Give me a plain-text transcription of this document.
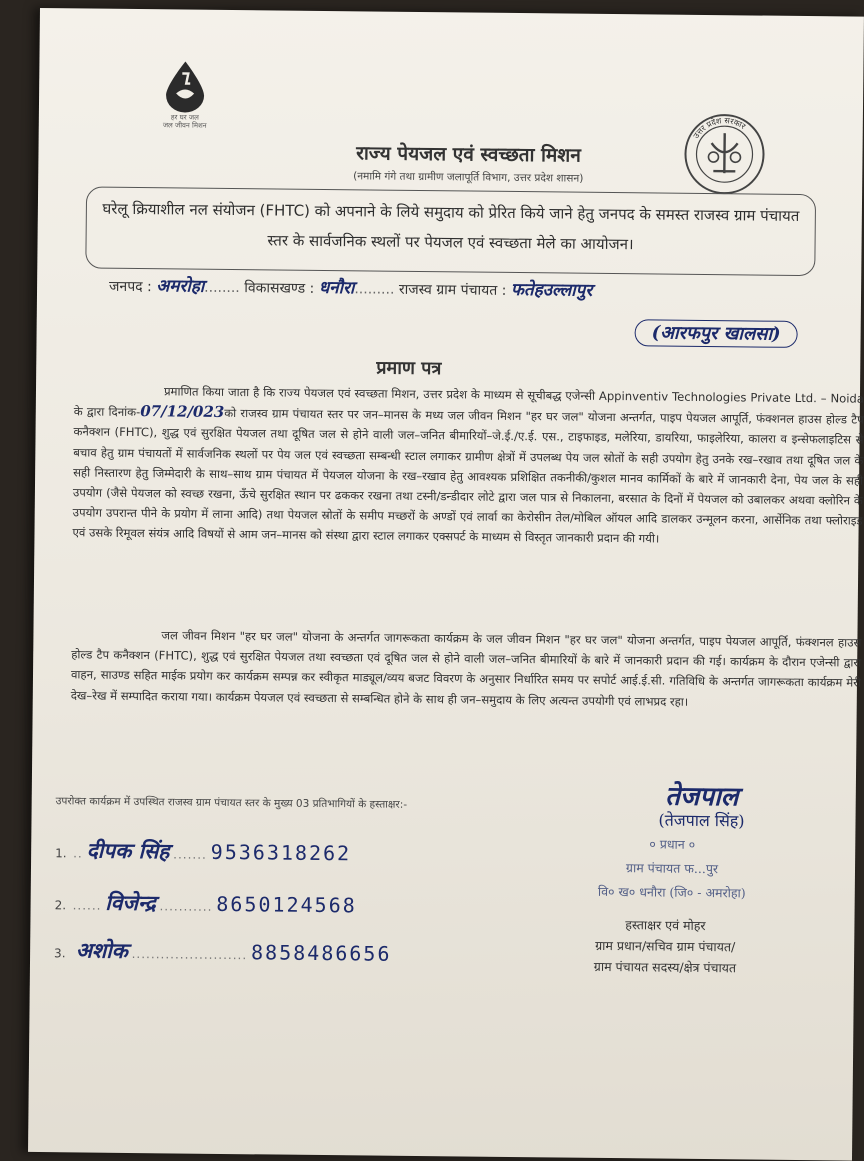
हर घर जल
जल जीवन मिशन
उत्तर प्रदेश सरकार
राज्य पेयजल एवं स्वच्छता मिशन
(नमामि गंगे तथा ग्रामीण जलापूर्ति विभाग, उत्तर प्रदेश शासन)
घरेलू क्रियाशील नल संयोजन (FHTC) को अपनाने के लिये समुदाय को प्रेरित किये जाने हेतु जनपद के समस्त राजस्व ग्राम पंचायत स्तर के सार्वजनिक स्थलों पर पेयजल एवं स्वच्छता मेले का आयोजन।
जनपद : अमरोहा........ विकासखण्ड : धनौरा......... राजस्व ग्राम पंचायत : फतेहउल्लापुर
(आरफपुर खालसा)
प्रमाण पत्र
प्रमाणित किया जाता है कि राज्य पेयजल एवं स्वच्छता मिशन, उत्तर प्रदेश के माध्यम से सूचीबद्ध एजेन्सी Appinventiv Technologies Private Ltd. – Noida के द्वारा दिनांक-07/12/023को राजस्व ग्राम पंचायत स्तर पर जन–मानस के मध्य जल जीवन मिशन "हर घर जल" योजना अन्तर्गत, पाइप पेयजल आपूर्ति, फंक्शनल हाउस होल्ड टैप कनैक्शन (FHTC), शुद्ध एवं सुरक्षित पेयजल तथा दूषित जल से होने वाली जल–जनित बीमारियों–जे.ई./ए.ई. एस., टाइफाइड, मलेरिया, डायरिया, फाइलेरिया, कालरा व इन्सेफलाइटिस से बचाव हेतु ग्राम पंचायतों में सार्वजनिक स्थलों पर पेय जल एवं स्वच्छता सम्बन्धी स्टाल लगाकर ग्रामीण क्षेत्रों में उपलब्ध पेय जल स्रोतों के सही उपयोग हेतु उनके रख–रखाव तथा दूषित जल के सही निस्तारण हेतु जिम्मेदारी के साथ–साथ ग्राम पंचायत में पेयजल योजना के रख–रखाव हेतु आवश्यक प्रशिक्षित तकनीकी/कुशल मानव कार्मिकों के बारे में जानकारी देना, पेय जल के सही उपयोग (जैसे पेयजल को स्वच्छ रखना, ऊँचे सुरक्षित स्थान पर ढककर रखना तथा टस्नी/डन्डीदार लोटे द्वारा जल पात्र से निकालना, बरसात के दिनों में पेयजल को उबालकर अथवा क्लोरिन के उपयोग उपरान्त पीने के प्रयोग में लाना आदि) तथा पेयजल स्रोतों के समीप मच्छरों के अण्डों एवं लार्वा का केरोसीन तेल/मोबिल ऑयल आदि डालकर उन्मूलन करना, आर्सेनिक तथा फ्लोराइड एवं उसके रिमूवल संयंत्र आदि विषयों से आम जन–मानस को संस्था द्वारा स्टाल लगाकर एक्सपर्ट के माध्यम से विस्तृत जानकारी प्रदान की गयी।
जल जीवन मिशन "हर घर जल" योजना के अन्तर्गत जागरूकता कार्यक्रम के जल जीवन मिशन "हर घर जल" योजना अन्तर्गत, पाइप पेयजल आपूर्ति, फंक्शनल हाउस होल्ड टैप कनैक्शन (FHTC), शुद्ध एवं सुरक्षित पेयजल तथा स्वच्छता एवं दूषित जल से होने वाली जल–जनित बीमारियों के बारे में जानकारी प्रदान की गई। कार्यक्रम के दौरान एजेन्सी द्वारा वाहन, साउण्ड सहित माईक प्रयोग कर कार्यक्रम सम्पन्न कर स्वीकृत माड्यूल/व्यय बजट विवरण के अनुसार निर्धारित समय पर सपोर्ट आई.ई.सी. गतिविधि के अन्तर्गत जागरूकता कार्यक्रम मेरी देख–रेख में सम्पादित कराया गया। कार्यक्रम पेयजल एवं स्वच्छता से सम्बन्धित होने के साथ ही जन–समुदाय के लिए अत्यन्त उपयोगी एवं लाभप्रद रहा।
उपरोक्त कार्यक्रम में उपस्थित राजस्व ग्राम पंचायत स्तर के मुख्य 03 प्रतिभागियों के हस्ताक्षर:-
1. .. दीपक सिंह ....... 9536318262
2. ...... विजेन्द्र ........... 8650124568
3. अशोक ........................ 8858486656
तेजपाल
(तेजपाल सिंह)
० प्रधान ०
ग्राम पंचायत फ...पुर
वि० ख० धनौरा (जि० - अमरोहा)
हस्ताक्षर एवं मोहर
ग्राम प्रधान/सचिव ग्राम पंचायत/
ग्राम पंचायत सदस्य/क्षेत्र पंचायत
